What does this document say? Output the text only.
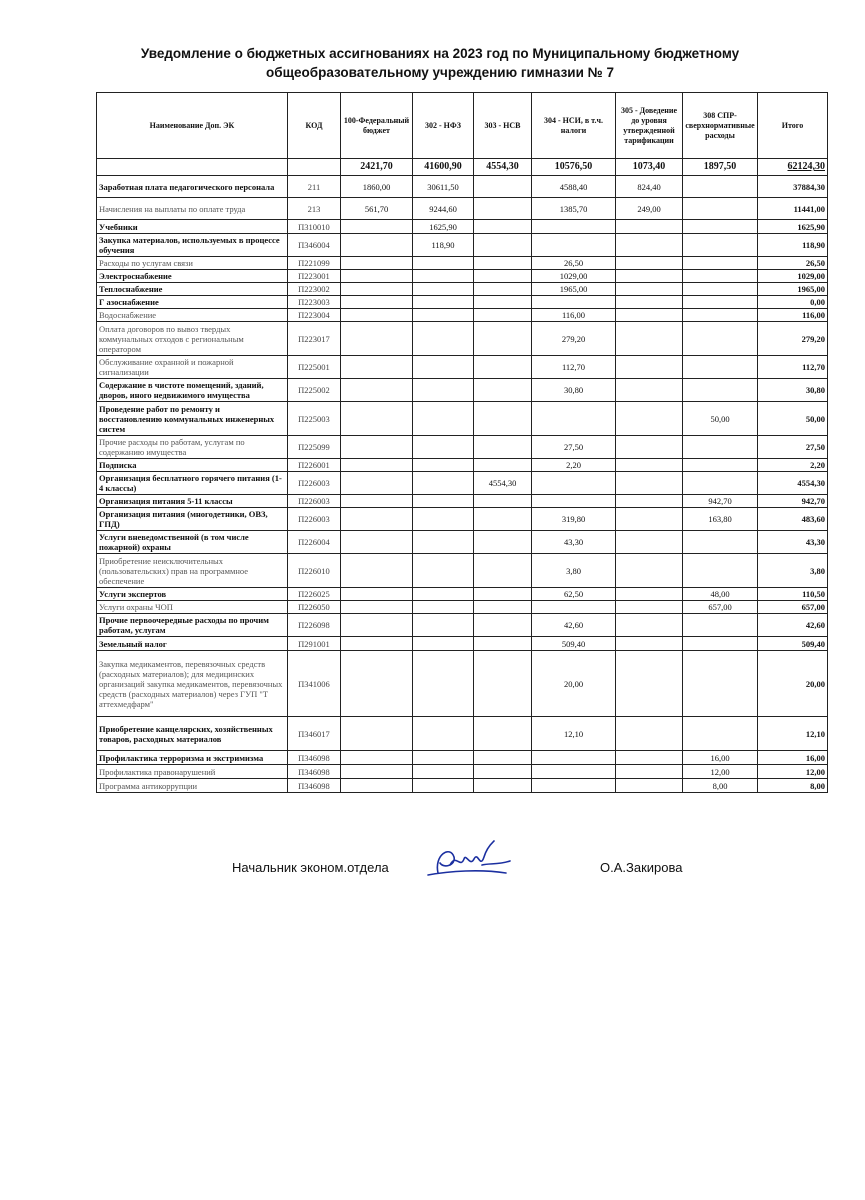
Уведомление о бюджетных ассигнованиях на 2023 год по Муниципальному бюджетному
общеобразовательному учреждению гимназии № 7
Наименование Доп. ЭК	КОД	100-Федеральный бюджет	302 - НФЗ	303 - НСВ	304 - НСИ, в т.ч. налоги	305 - Доведение до уровня утвержденной тарификации	308 СПР-сверхнормативные расходы	Итого
		2421,70	41600,90	4554,30	10576,50	1073,40	1897,50	62124,30
Заработная плата педагогического персонала	211	1860,00	30611,50		4588,40	824,40		37884,30
Начисления на выплаты по оплате труда	213	561,70	9244,60		1385,70	249,00		11441,00
Учебники	П310010		1625,90					1625,90
Закупка материалов, используемых в процессе обучения	П346004		118,90					118,90
Расходы по услугам связи	П221099				26,50			26,50
Электроснабжение	П223001				1029,00			1029,00
Теплоснабжение	П223002				1965,00			1965,00
Г азоснабжение	П223003							0,00
Водоснабжение	П223004				116,00			116,00
Оплата договоров по вывоз твердых коммунальных отходов с региональным оператором	П223017				279,20			279,20
Обслуживание охранной и пожарной сигнализации	П225001				112,70			112,70
Содержание в чистоте помещений, зданий, дворов, иного недвижимого имущества	П225002				30,80			30,80
Проведение работ по ремонту и восстановлению коммунальных инженерных систем	П225003						50,00	50,00
Прочие расходы по работам, услугам по содержанию имущества	П225099				27,50			27,50
Подписка	П226001				2,20			2,20
Организация бесплатного горячего питания (1-4 классы)	П226003			4554,30				4554,30
Организация питания 5-11 классы	П226003						942,70	942,70
Организация питания (многодетники, ОВЗ, ГПД)	П226003				319,80		163,80	483,60
Услуги вневедомственной (в том числе пожарной) охраны	П226004				43,30			43,30
Приобретение неисключительных (пользовательских) прав на программное обеспечение	П226010				3,80			3,80
Услуги экспертов	П226025				62,50		48,00	110,50
Услуги охраны ЧОП	П226050						657,00	657,00
Прочие первоочередные расходы по прочим работам, услугам	П226098				42,60			42,60
Земельный налог	П291001				509,40			509,40
Закупка медикаментов, перевязочных средств (расходных материалов); для медицинских организаций закупка медикаментов, перевязочных средств (расходных материалов) через ГУП "Т аттехмедфарм"	П341006				20,00			20,00
Приобретение канцелярских, хозяйственных товаров, расходных материалов	П346017				12,10			12,10
Профилактика терроризма и экстримизма	П346098						16,00	16,00
Профилактика правонарушений	П346098						12,00	12,00
Программа антикоррупции	П346098						8,00	8,00
Начальник эконом.отдела	О.А.Закирова
